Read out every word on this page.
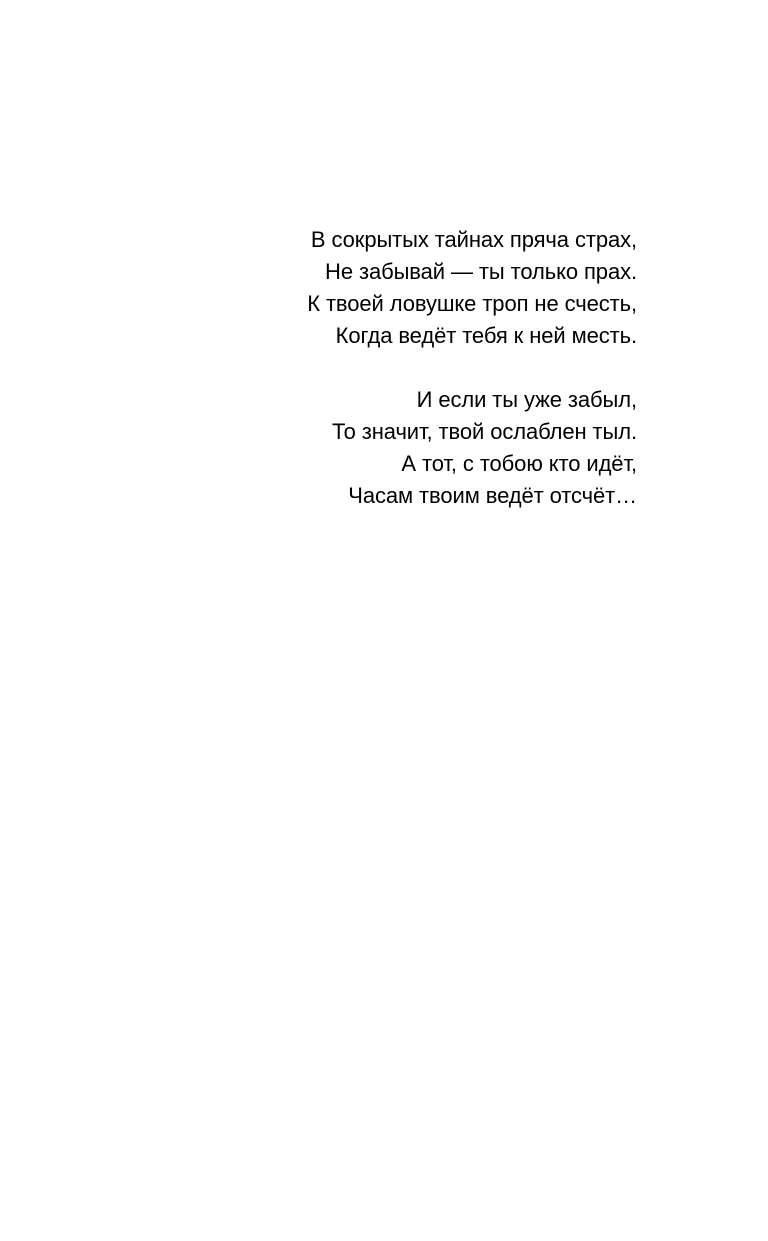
В сокрытых тайнах пряча страх,
Не забывай — ты только прах.
К твоей ловушке троп не счесть,
Когда ведёт тебя к ней месть.
И если ты уже забыл,
То значит, твой ослаблен тыл.
А тот, с тобою кто идёт,
Часам твоим ведёт отсчёт…
